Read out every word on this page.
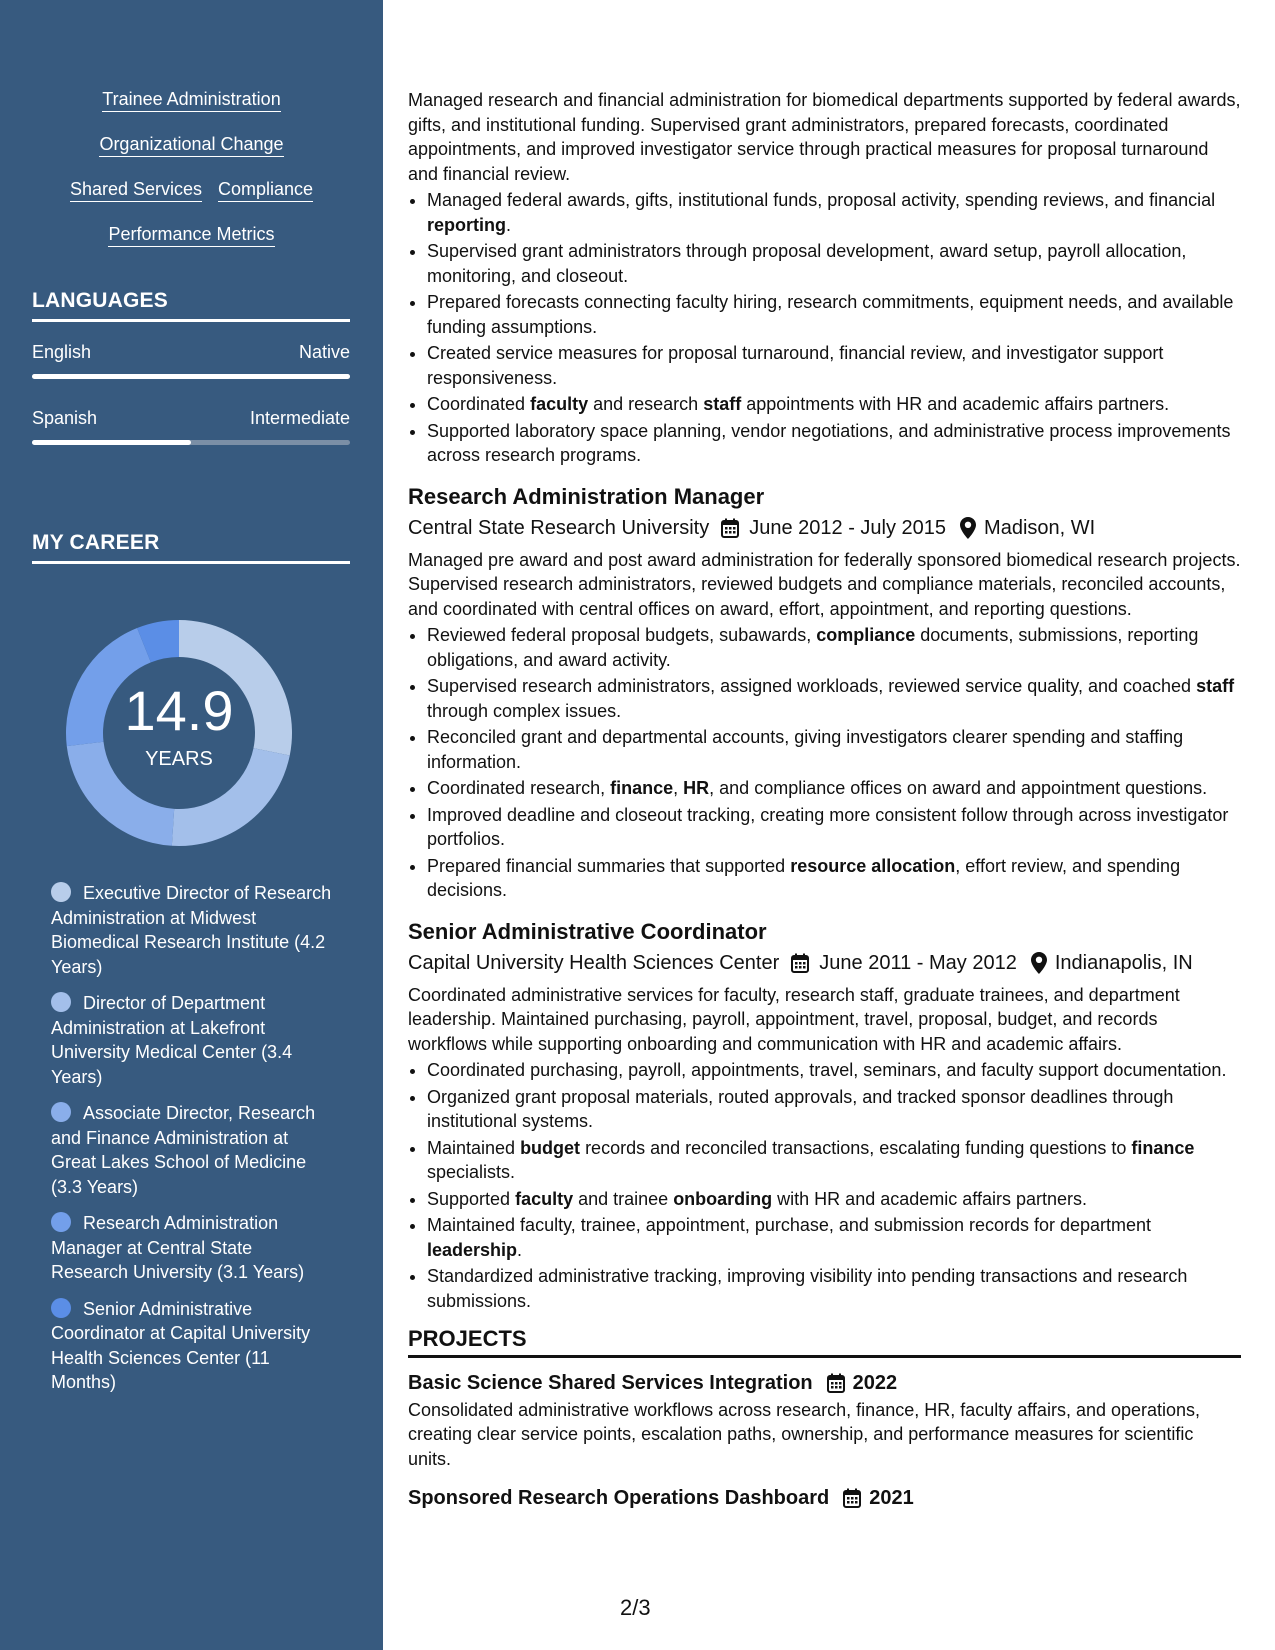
Trainee Administration
Organizational Change
Shared Services Compliance
Performance Metrics
LANGUAGES
English	Native
Spanish	Intermediate
MY CAREER
14.9
YEARS
Executive Director of Research Administration at Midwest Biomedical Research Institute (4.2 Years)
Director of Department Administration at Lakefront University Medical Center (3.4 Years)
Associate Director, Research and Finance Administration at Great Lakes School of Medicine (3.3 Years)
Research Administration Manager at Central State Research University (3.1 Years)
Senior Administrative Coordinator at Capital University Health Sciences Center (11 Months)

Managed research and financial administration for biomedical departments supported by federal awards, gifts, and institutional funding. Supervised grant administrators, prepared forecasts, coordinated appointments, and improved investigator service through practical measures for proposal turnaround and financial review.

• Managed federal awards, gifts, institutional funds, proposal activity, spending reviews, and financial reporting.
• Supervised grant administrators through proposal development, award setup, payroll allocation, monitoring, and closeout.
• Prepared forecasts connecting faculty hiring, research commitments, equipment needs, and available funding assumptions.
• Created service measures for proposal turnaround, financial review, and investigator support responsiveness.
• Coordinated faculty and research staff appointments with HR and academic affairs partners.
• Supported laboratory space planning, vendor negotiations, and administrative process improvements across research programs.
Research Administration Manager
Central State Research University June 2012 - July 2015 Madison, WI

Managed pre award and post award administration for federally sponsored biomedical research projects. Supervised research administrators, reviewed budgets and compliance materials, reconciled accounts, and coordinated with central offices on award, effort, appointment, and reporting questions.

• Reviewed federal proposal budgets, subawards, compliance documents, submissions, reporting obligations, and award activity.
• Supervised research administrators, assigned workloads, reviewed service quality, and coached staff through complex issues.
• Reconciled grant and departmental accounts, giving investigators clearer spending and staffing information.
• Coordinated research, finance, HR, and compliance offices on award and appointment questions.
• Improved deadline and closeout tracking, creating more consistent follow through across investigator portfolios.
• Prepared financial summaries that supported resource allocation, effort review, and spending decisions.
Senior Administrative Coordinator
Capital University Health Sciences Center June 2011 - May 2012 Indianapolis, IN

Coordinated administrative services for faculty, research staff, graduate trainees, and department leadership. Maintained purchasing, payroll, appointment, travel, proposal, budget, and records workflows while supporting onboarding and communication with HR and academic affairs.

• Coordinated purchasing, payroll, appointments, travel, seminars, and faculty support documentation.
• Organized grant proposal materials, routed approvals, and tracked sponsor deadlines through institutional systems.
• Maintained budget records and reconciled transactions, escalating funding questions to finance specialists.
• Supported faculty and trainee onboarding with HR and academic affairs partners.
• Maintained faculty, trainee, appointment, purchase, and submission records for department leadership.
• Standardized administrative tracking, improving visibility into pending transactions and research submissions.
PROJECTS
Basic Science Shared Services Integration 2022

Consolidated administrative workflows across research, finance, HR, faculty affairs, and operations, creating clear service points, escalation paths, ownership, and performance measures for scientific units.

Sponsored Research Operations Dashboard 2021
2/3
